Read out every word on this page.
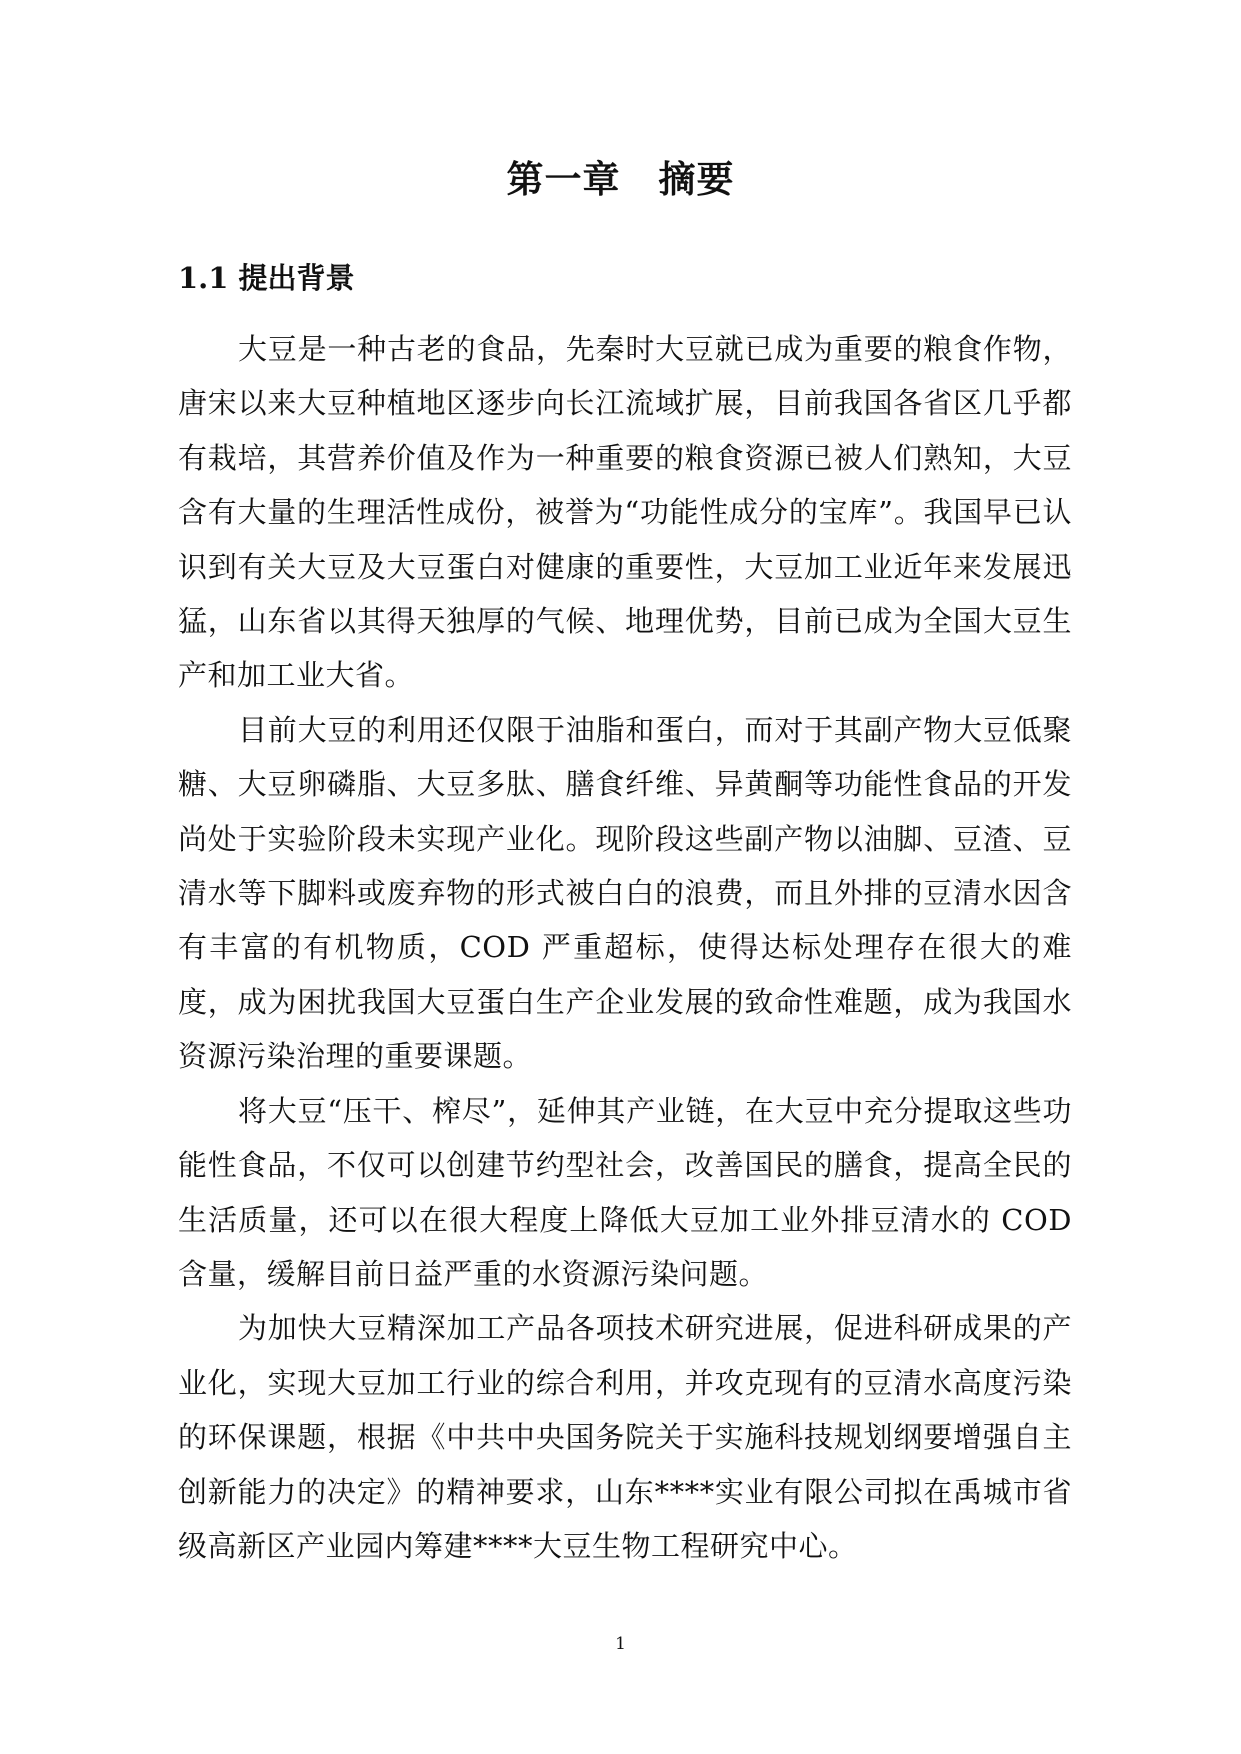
第一章　摘要
1.1 提出背景

大豆是一种古老的食品，先秦时大豆就已成为重要的粮食作物，唐宋以来大豆种植地区逐步向长江流域扩展，目前我国各省区几乎都有栽培，其营养价值及作为一种重要的粮食资源已被人们熟知，大豆含有大量的生理活性成份，被誉为“功能性成分的宝库”。我国早已认识到有关大豆及大豆蛋白对健康的重要性，大豆加工业近年来发展迅猛，山东省以其得天独厚的气候、地理优势，目前已成为全国大豆生产和加工业大省。

目前大豆的利用还仅限于油脂和蛋白，而对于其副产物大豆低聚糖、大豆卵磷脂、大豆多肽、膳食纤维、异黄酮等功能性食品的开发尚处于实验阶段未实现产业化。现阶段这些副产物以油脚、豆渣、豆清水等下脚料或废弃物的形式被白白的浪费，而且外排的豆清水因含有丰富的有机物质，COD 严重超标，使得达标处理存在很大的难度，成为困扰我国大豆蛋白生产企业发展的致命性难题，成为我国水资源污染治理的重要课题。

将大豆“压干、榨尽”，延伸其产业链，在大豆中充分提取这些功能性食品，不仅可以创建节约型社会，改善国民的膳食，提高全民的生活质量，还可以在很大程度上降低大豆加工业外排豆清水的 COD 含量，缓解目前日益严重的水资源污染问题。

为加快大豆精深加工产品各项技术研究进展，促进科研成果的产业化，实现大豆加工行业的综合利用，并攻克现有的豆清水高度污染的环保课题，根据《中共中央国务院关于实施科技规划纲要增强自主创新能力的决定》的精神要求，山东****实业有限公司拟在禹城市省级高新区产业园内筹建****大豆生物工程研究中心。

1
